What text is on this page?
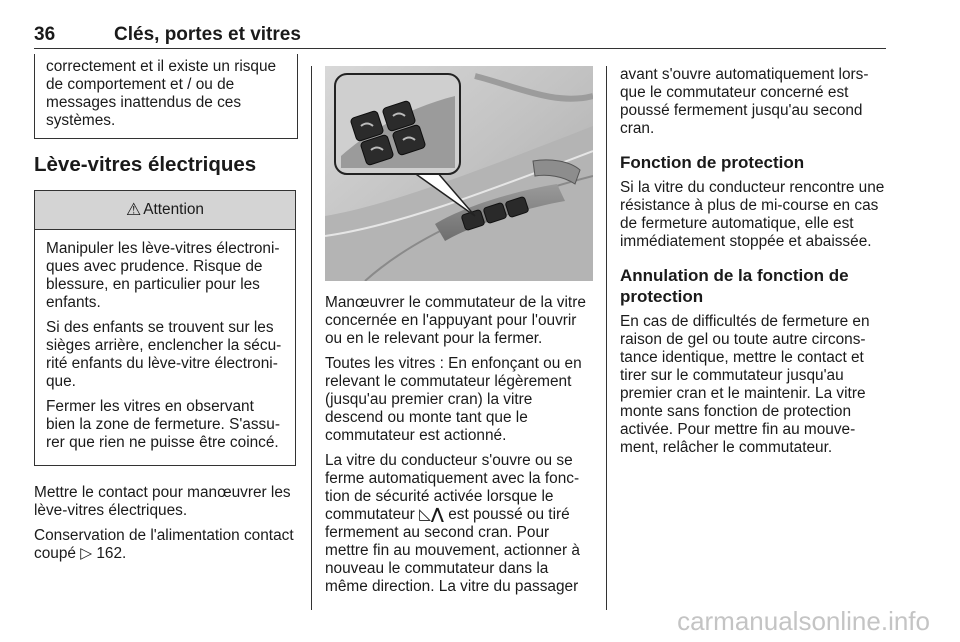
36	Clés, portes et vitres

correctement et il existe un risque de comportement et / ou de messages inattendus de ces systèmes.

Lève-vitres électriques
⚠ Attention

Manipuler les lève-vitres électroniques avec prudence. Risque de blessure, en particulier pour les enfants.

Si des enfants se trouvent sur les sièges arrière, enclencher la sécurité enfants du lève-vitre électronique.

Fermer les vitres en observant bien la zone de fermeture. S'assurer que rien ne puisse être coincé.

Mettre le contact pour manœuvrer les lève-vitres électriques.

Conservation de l'alimentation contact coupé ▷ 162.

Manœuvrer le commutateur de la vitre concernée en l'appuyant pour l'ouvrir ou en le relevant pour la fermer.

Toutes les vitres : En enfonçant ou en relevant le commutateur légèrement (jusqu'au premier cran) la vitre descend ou monte tant que le commutateur est actionné.

La vitre du conducteur s'ouvre ou se ferme automatiquement avec la fonction de sécurité activée lorsque le commutateur ◺⋀ est poussé ou tiré fermement au second cran. Pour mettre fin au mouvement, actionner à nouveau le commutateur dans la même direction. La vitre du passager

avant s'ouvre automatiquement lorsque le commutateur concerné est poussé fermement jusqu'au second cran.

Fonction de protection

Si la vitre du conducteur rencontre une résistance à plus de mi-course en cas de fermeture automatique, elle est immédiatement stoppée et abaissée.

Annulation de la fonction de protection

En cas de difficultés de fermeture en raison de gel ou toute autre circonstance identique, mettre le contact et tirer sur le commutateur jusqu'au premier cran et le maintenir. La vitre monte sans fonction de protection activée. Pour mettre fin au mouvement, relâcher le commutateur.

carmanualsonline.info
